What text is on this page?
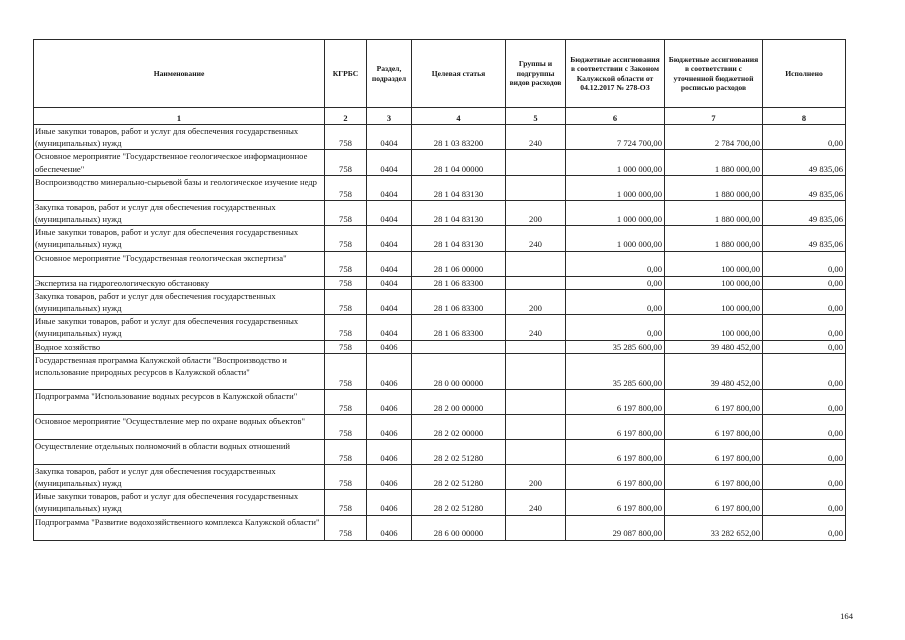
Наименование	КГРБС	Раздел, подраздел	Целевая статья	Группы и подгруппы видов расходов	Бюджетные ассигнования в соответствии с Законом Калужской области от 04.12.2017 № 278-ОЗ	Бюджетные ассигнования в соответствии с уточненной бюджетной росписью расходов	Исполнено
1	2	3	4	5	6	7	8
Иные закупки товаров, работ и услуг для обеспечения государственных (муниципальных) нужд	758	0404	28 1 03 83200	240	7 724 700,00	2 784 700,00	0,00
Основное мероприятие "Государственное геологическое информационное обеспечение"	758	0404	28 1 04 00000		1 000 000,00	1 880 000,00	49 835,06
Воспроизводство минерально-сырьевой базы и геологическое изучение недр	758	0404	28 1 04 83130		1 000 000,00	1 880 000,00	49 835,06
Закупка товаров, работ и услуг для обеспечения государственных (муниципальных) нужд	758	0404	28 1 04 83130	200	1 000 000,00	1 880 000,00	49 835,06
Иные закупки товаров, работ и услуг для обеспечения государственных (муниципальных) нужд	758	0404	28 1 04 83130	240	1 000 000,00	1 880 000,00	49 835,06
Основное мероприятие "Государственная геологическая экспертиза"	758	0404	28 1 06 00000		0,00	100 000,00	0,00
Экспертиза на гидрогеологическую обстановку	758	0404	28 1 06 83300		0,00	100 000,00	0,00
Закупка товаров, работ и услуг для обеспечения государственных (муниципальных) нужд	758	0404	28 1 06 83300	200	0,00	100 000,00	0,00
Иные закупки товаров, работ и услуг для обеспечения государственных (муниципальных) нужд	758	0404	28 1 06 83300	240	0,00	100 000,00	0,00
Водное хозяйство	758	0406			35 285 600,00	39 480 452,00	0,00
Государственная программа Калужской области "Воспроизводство и использование природных ресурсов в Калужской области"	758	0406	28 0 00 00000		35 285 600,00	39 480 452,00	0,00
Подпрограмма "Использование водных ресурсов в Калужской области"	758	0406	28 2 00 00000		6 197 800,00	6 197 800,00	0,00
Основное мероприятие "Осуществление мер по охране водных объектов"	758	0406	28 2 02 00000		6 197 800,00	6 197 800,00	0,00
Осуществление отдельных полномочий в области водных отношений	758	0406	28 2 02 51280		6 197 800,00	6 197 800,00	0,00
Закупка товаров, работ и услуг для обеспечения государственных (муниципальных) нужд	758	0406	28 2 02 51280	200	6 197 800,00	6 197 800,00	0,00
Иные закупки товаров, работ и услуг для обеспечения государственных (муниципальных) нужд	758	0406	28 2 02 51280	240	6 197 800,00	6 197 800,00	0,00
Подпрограмма "Развитие водохозяйственного комплекса Калужской области"	758	0406	28 6 00 00000		29 087 800,00	33 282 652,00	0,00
164
